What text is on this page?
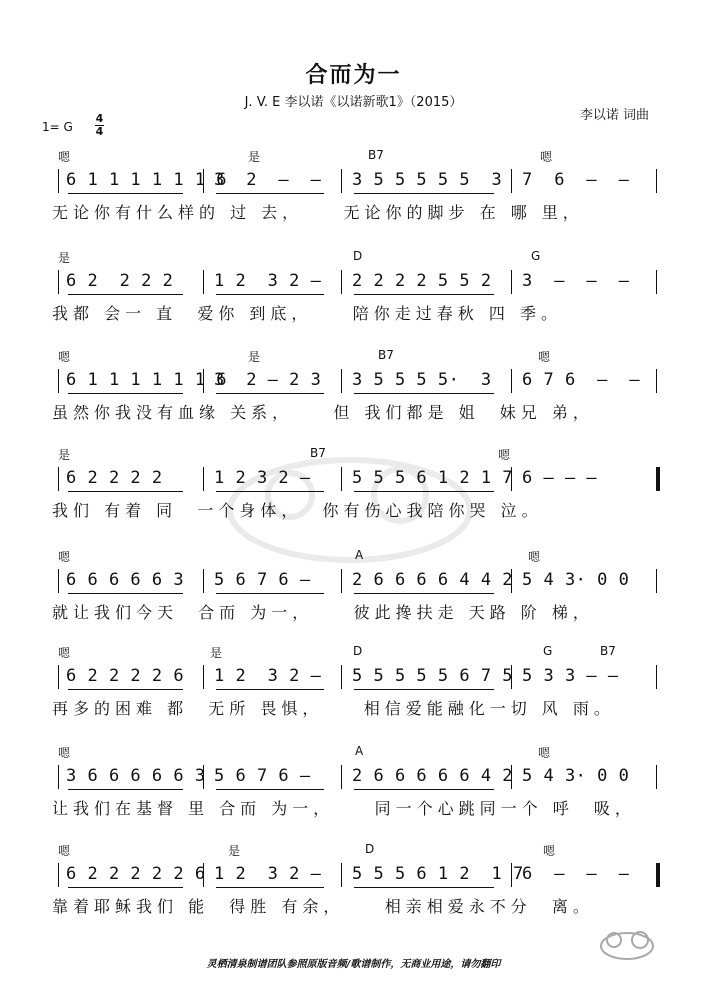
合而为一
J. V. E 李以诺《以诺新歌1》（2015）
李以诺 词曲
1= G
4
4
嗯	是	B7	嗯
6 1 1 1 1 1 1 6
3  2  –  – 3 5 5 5 5 5  3 7  6  –  –
无论你有什么样的 过 去，    无论你的脚步 在 哪 里，
是	D	G
6 2  2 2 2 1 2  3 2 – 2 2 2 2 5 5 2 3  –  –  –
我都 会一 直  爱你 到底，    陪你走过春秋 四 季。
嗯	是	B7	嗯
6 1 1 1 1 1 1 6
3  2 – 2 3 3 5 5 5 5·  3 6 7 6  –  –
虽然你我没有血缘 关系，    但 我们都是 姐  妹兄 弟，
是	B7	嗯
6 2 2 2 2	1 2 3 2 – 5 5 5 6 1 2 1 7 6 – – –
我们 有着 同  一个身体，  你有伤心我陪你哭 泣。
嗯	A	嗯
6 6 6 6 6 3 5 6 7 6 – 2 6 6 6 6 4 4 2 5 4 3· 0 0
就让我们今天  合而 为一，    彼此搀扶走 天路 阶 梯，
嗯	是	D	G	B7
6 2 2 2 2 6 1 2  3 2 – 5 5 5 5 5 6 7 5 5 3 3 – –
再多的困难 都  无所 畏惧，    相信爱能融化一切 风 雨。
嗯	A	嗯
3 6 6 6 6 6 3 5 6 7 6 – 2 6 6 6 6 6 4 2 5 4 3· 0 0
让我们在基督 里 合而 为一，    同一个心跳同一个 呼  吸，
嗯	是	D	嗯
6 2 2 2 2 2 6 1 2  3 2 – 5 5 5 6 1 2  1 7
6  –  –  –
靠着耶稣我们 能  得胜 有余，    相亲相爱永不分  离。
灵栖清泉制谱团队参照原版音频/歌谱制作，无商业用途，请勿翻印
